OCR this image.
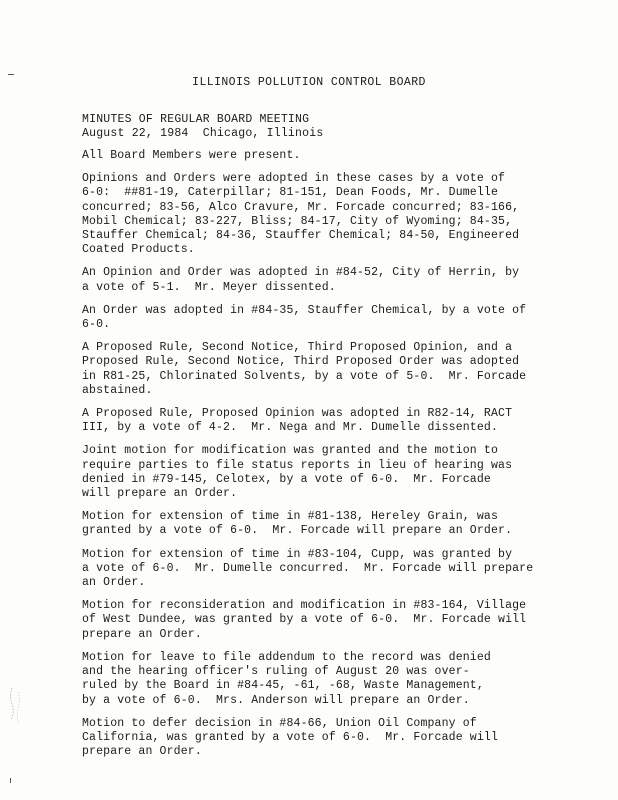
ILLINOIS POLLUTION CONTROL BOARD
MINUTES OF REGULAR BOARD MEETING
August 22, 1984  Chicago, Illinois

All Board Members were present.

Opinions and Orders were adopted in these cases by a vote of
6-0:  ##81-19, Caterpillar; 81-151, Dean Foods, Mr. Dumelle
concurred; 83-56, Alco Cravure, Mr. Forcade concurred; 83-166,
Mobil Chemical; 83-227, Bliss; 84-17, City of Wyoming; 84-35,
Stauffer Chemical; 84-36, Stauffer Chemical; 84-50, Engineered
Coated Products.

An Opinion and Order was adopted in #84-52, City of Herrin, by
a vote of 5-1.  Mr. Meyer dissented.

An Order was adopted in #84-35, Stauffer Chemical, by a vote of
6-0.

A Proposed Rule, Second Notice, Third Proposed Opinion, and a
Proposed Rule, Second Notice, Third Proposed Order was adopted
in R81-25, Chlorinated Solvents, by a vote of 5-0.  Mr. Forcade
abstained.

A Proposed Rule, Proposed Opinion was adopted in R82-14, RACT
III, by a vote of 4-2.  Mr. Nega and Mr. Dumelle dissented.

Joint motion for modification was granted and the motion to
require parties to file status reports in lieu of hearing was
denied in #79-145, Celotex, by a vote of 6-0.  Mr. Forcade
will prepare an Order.

Motion for extension of time in #81-138, Hereley Grain, was
granted by a vote of 6-0.  Mr. Forcade will prepare an Order.

Motion for extension of time in #83-104, Cupp, was granted by
a vote of 6-0.  Mr. Dumelle concurred.  Mr. Forcade will prepare
an Order.

Motion for reconsideration and modification in #83-164, Village
of West Dundee, was granted by a vote of 6-0.  Mr. Forcade will
prepare an Order.

Motion for leave to file addendum to the record was denied
and the hearing officer's ruling of August 20 was over-
ruled by the Board in #84-45, -61, -68, Waste Management,
by a vote of 6-0.  Mrs. Anderson will prepare an Order.

Motion to defer decision in #84-66, Union Oil Company of
California, was granted by a vote of 6-0.  Mr. Forcade will
prepare an Order.
